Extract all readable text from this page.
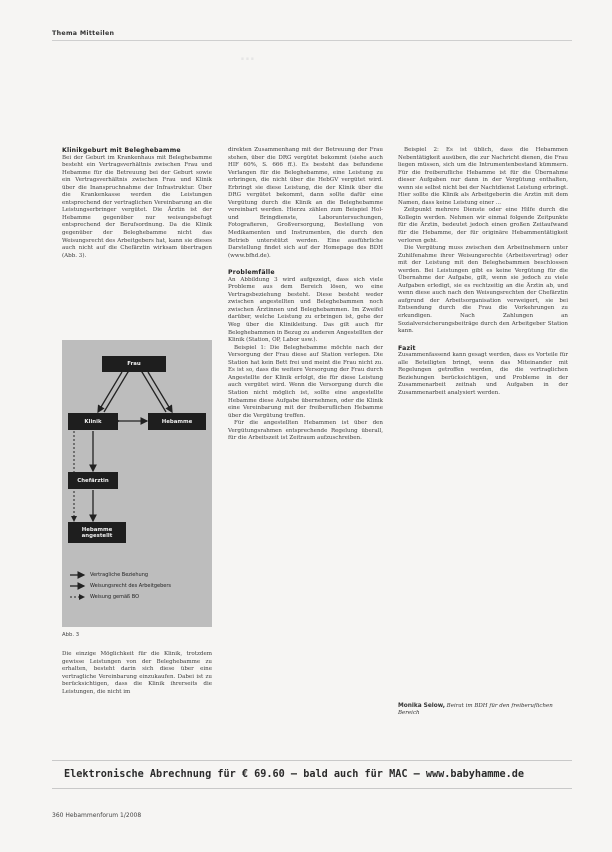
Thema Mitteilen
...

Klinikgeburt mit Beleghebamme

Bei der Geburt im Krankenhaus mit Beleghebamme besteht ein Vertragsverhältnis zwischen Frau und Hebamme für die Betreuung bei der Geburt sowie ein Vertragsverhältnis zwischen Frau und Klinik über die Inanspruchnahme der Infrastruktur. Über die Krankenkasse werden die Leistungen entsprechend der vertraglichen Vereinbarung an die Leistungserbringer vergütet. Die Ärztin ist der Hebamme gegenüber nur weisungsbefugt entsprechend der Berufsordnung. Da die Klinik gegenüber der Beleghebamme nicht das Weisungsrecht des Arbeitgebers hat, kann sie dieses auch nicht auf die Chefärztin wirksam übertragen (Abb. 3).

Frau
Klinik	Hebamme
Chefärztin
Hebamme
angestellt
Vertragliche Beziehung
Weisungsrecht des Arbeitgebers
Weisung gemäß BO
Abb. 3
Die einzige Möglichkeit für die Klinik, trotzdem gewisse Leistungen von der Beleghebamme zu erhalten, besteht darin sich diese über eine vertragliche Vereinbarung einzukaufen. Dabei ist zu berücksichtigen, dass die Klinik ihrerseits die Leistungen, die nicht im

direkten Zusammenhang mit der Betreuung der Frau stehen, über die DRG vergütet bekommt (siehe auch HIF 60%, S. 666 ff.). Es besteht das befundene Verlangen für die Beleghebamme, eine Leistung zu erbringen, die nicht über die HebGV vergütet wird. Erbringt sie diese Leistung, die der Klinik über die DRG vergütet bekommt, dann sollte dafür eine Vergütung durch die Klinik an die Beleghebamme vereinbart werden. Hierzu zählen zum Beispiel Hol- und Bringdienste, Laboruntersuchungen, Fotografieren, Großversorgung, Bestellung von Medikamenten und Instrumenten, die durch den Betrieb unterstützt werden. Eine ausführliche Darstellung findet sich auf der Homepage des BDH (www.bfhd.de).

Problemfälle

An Abbildung 3 wird aufgezeigt, dass sich viele Probleme aus dem Bereich lösen, wo eine Vertragsbeziehung besteht. Diese besteht weder zwischen angestellten und Beleghebammen noch zwischen Ärztinnen und Beleghebammen. Im Zweifel darüber, welche Leistung zu erbringen ist, gehe der Weg über die Klinikleitung. Das gilt auch für Beleghebammen in Bezug zu anderen Angestellten der Klinik (Station, OP, Labor usw.).

Beispiel 1: Die Beleghebamme möchte nach der Versorgung der Frau diese auf Station verlegen. Die Station hat kein Bett frei und meint die Frau nicht zu. Es ist so, dass die weitere Versorgung der Frau durch Angestellte der Klinik erfolgt, die für diese Leistung auch vergütet wird. Wenn die Versorgung durch die Station nicht möglich ist, sollte eine angestellte Hebamme diese Aufgabe übernehmen, oder die Klinik eine Vereinbarung mit der freiberuflichen Hebamme über die Vergütung treffen.

Für die angestellten Hebammen ist über den Vergütungsrahmen entsprechende Regelung überall, für die Arbeitszeit ist Zeitraum aufzuschreiben.

Beispiel 2: Es ist üblich, dass die Hebammen Nebentätigkeit ausüben, die zur Nachricht dienen, die Frau liegen müssen, sich um die Intrumentenbestand kümmern. Für die freiberufliche Hebamme ist für die Übernahme dieser Aufgaben nur dann in der Vergütung enthalten, wenn sie selbst nicht bei der Nachtdienst Leistung erbringt. Hier sollte die Klinik als Arbeitgeberin die Arztin mit dem Namen, dass keine Leistung einer ...

Zeitpunkt mehrere Dienste oder eine Hilfe durch die Kollegin werden. Nehmen wir einmal folgende Zeitpunkte für die Ärztin, bedeutet jedoch einen großen Zeitaufwand für die Hebamme, der für originäre Hebammentätigkeit verloren geht.

Die Vergütung muss zwischen den Arbeitnehmern unter Zuhilfenahme ihrer Weisungsrechte (Arbeitsvertrag) oder mit der Leistung mit den Beleghebammen beschlossen werden. Bei Leistungen gibt es keine Vergütung für die Übernahme der Aufgabe, gilt, wenn sie jedoch zu viele Aufgaben erledigt, sie es rechtzeitig an die Ärztin ab, und wenn diese auch nach den Weisungsrechten der Chefärztin aufgrund der Arbeitsorganisation verweigert, sie bei Entsendung durch die Frau die Vorkehrungen zu erkundigen. Nach Zahlungen an Sozialversicherungsbeiträge durch den Arbeitgeber Station kann.

Fazit

Zusammenfassend kann gesagt werden, dass es Vorteile für alle Beteiligten bringt, wenn das Miteinander mit Regelungen getroffen werden, die die vertraglichen Beziehungen berücksichtigen, und Probleme in der Zusammenarbeit zeitnah und Aufgaben in der Zusammenarbeit analysiert werden.

Monika Selow, Beirat im BDH für den freiberuflichen Bereich
Elektronische Abrechnung für € 69.60 – bald auch für MAC – www.babyhamme.de
360 Hebammenforum 1/2008
